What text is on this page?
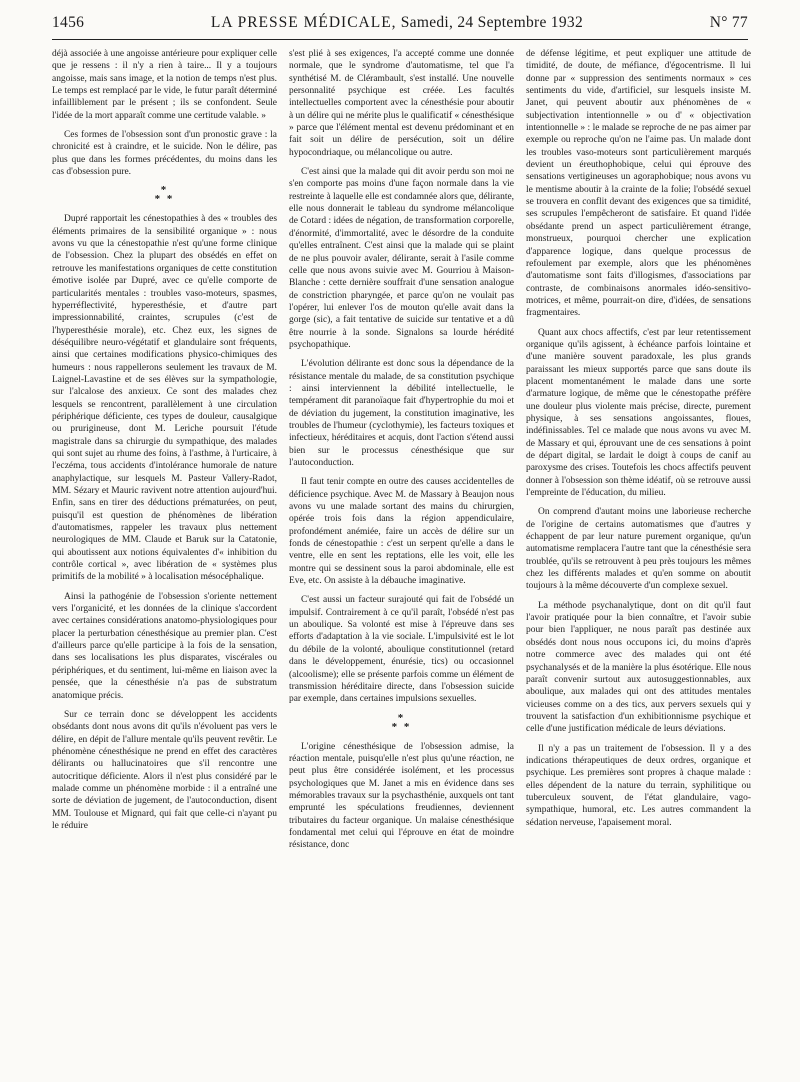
1456	LA PRESSE MÉDICALE, Samedi, 24 Septembre 1932	N° 77

déjà associée à une angoisse antérieure pour expliquer celle que je ressens : il n'y a rien à taire... Il y a toujours angoisse, mais sans image, et la notion de temps n'est plus. Le temps est remplacé par le vide, le futur paraît déterminé infailliblement par le présent ; ils se confondent. Seule l'idée de la mort apparaît comme une certitude valable. »

Ces formes de l'obsession sont d'un pronostic grave : la chronicité est à craindre, et le suicide. Non le délire, pas plus que dans les formes précédentes, du moins dans les cas d'obsession pure.

*
* *

Dupré rapportait les cénestopathies à des « troubles des éléments primaires de la sensibilité organique » : nous avons vu que la cénestopathie n'est qu'une forme clinique de l'obsession. Chez la plupart des obsédés en effet on retrouve les manifestations organiques de cette constitution émotive isolée par Dupré, avec ce qu'elle comporte de particularités mentales : troubles vaso-moteurs, spasmes, hyperréflectivité, hyperesthésie, et d'autre part impressionnabilité, craintes, scrupules (c'est de l'hyperesthésie morale), etc. Chez eux, les signes de déséquilibre neuro-végétatif et glandulaire sont fréquents, ainsi que certaines modifications physico-chimiques des humeurs : nous rappellerons seulement les travaux de M. Laignel-Lavastine et de ses élèves sur la sympathologie, sur l'alcalose des anxieux. Ce sont des malades chez lesquels se rencontrent, parallèlement à une circulation périphérique déficiente, ces types de douleur, causalgique ou prurigineuse, dont M. Leriche poursuit l'étude magistrale dans sa chirurgie du sympathique, des malades qui sont sujet au rhume des foins, à l'asthme, à l'urticaire, à l'eczéma, tous accidents d'intolérance humorale de nature anaphylactique, sur lesquels M. Pasteur Vallery-Radot, MM. Sézary et Mauric ravivent notre attention aujourd'hui. Enfin, sans en tirer des déductions prématurées, on peut, puisqu'il est question de phénomènes de libération d'automatismes, rappeler les travaux plus nettement neurologiques de MM. Claude et Baruk sur la Catatonie, qui aboutissent aux notions équivalentes d'« inhibition du contrôle cortical », avec libération de « systèmes plus primitifs de la mobilité » à localisation mésocéphalique.

Ainsi la pathogénie de l'obsession s'oriente nettement vers l'organicité, et les données de la clinique s'accordent avec certaines considérations anatomo-physiologiques pour placer la perturbation cénesthésique au premier plan. C'est d'ailleurs parce qu'elle participe à la fois de la sensation, dans ses localisations les plus disparates, viscérales ou périphériques, et du sentiment, lui-même en liaison avec la pensée, que la cénesthésie n'a pas de substratum anatomique précis.

Sur ce terrain donc se développent les accidents obsédants dont nous avons dit qu'ils n'évoluent pas vers le délire, en dépit de l'allure mentale qu'ils peuvent revêtir. Le phénomène cénesthésique ne prend en effet des caractères délirants ou hallucinatoires que s'il rencontre une autocritique déficiente. Alors il n'est plus considéré par le malade comme un phénomène morbide : il a entraîné une sorte de déviation de jugement, de l'autoconduction, disent MM. Toulouse et Mignard, qui fait que celle-ci n'ayant pu le réduire

s'est plié à ses exigences, l'a accepté comme une donnée normale, que le syndrome d'automatisme, tel que l'a synthétisé M. de Clérambault, s'est installé. Une nouvelle personnalité psychique est créée. Les facultés intellectuelles comportent avec la cénesthésie pour aboutir à un délire qui ne mérite plus le qualificatif « cénesthésique » parce que l'élément mental est devenu prédominant et en fait soit un délire de persécution, soit un délire hypocondriaque, ou mélancolique ou autre.

C'est ainsi que la malade qui dit avoir perdu son moi ne s'en comporte pas moins d'une façon normale dans la vie restreinte à laquelle elle est condamnée alors que, délirante, elle nous donnerait le tableau du syndrome mélancolique de Cotard : idées de négation, de transformation corporelle, d'énormité, d'immortalité, avec le désordre de la conduite qu'elles entraînent. C'est ainsi que la malade qui se plaint de ne plus pouvoir avaler, délirante, serait à l'asile comme celle que nous avons suivie avec M. Gourriou à Maison-Blanche : cette dernière souffrait d'une sensation analogue de constriction pharyngée, et parce qu'on ne voulait pas l'opérer, lui enlever l'os de mouton qu'elle avait dans la gorge (sic), a fait tentative de suicide sur tentative et a dû être nourrie à la sonde. Signalons sa lourde hérédité psychopathique.

L'évolution délirante est donc sous la dépendance de la résistance mentale du malade, de sa constitution psychique : ainsi interviennent la débilité intellectuelle, le tempérament dit paranoïaque fait d'hypertrophie du moi et de déviation du jugement, la constitution imaginative, les troubles de l'humeur (cyclothymie), les facteurs toxiques et infectieux, héréditaires et acquis, dont l'action s'étend aussi bien sur le processus cénesthésique que sur l'autoconduction.

Il faut tenir compte en outre des causes accidentelles de déficience psychique. Avec M. de Massary à Beaujon nous avons vu une malade sortant des mains du chirurgien, opérée trois fois dans la région appendiculaire, profondément anémiée, faire un accès de délire sur un fonds de cénestopathie : c'est un serpent qu'elle a dans le ventre, elle en sent les reptations, elle les voit, elle les montre qui se dessinent sous la paroi abdominale, elle est Eve, etc. On assiste à la débauche imaginative.

C'est aussi un facteur surajouté qui fait de l'obsédé un impulsif. Contrairement à ce qu'il paraît, l'obsédé n'est pas un aboulique. Sa volonté est mise à l'épreuve dans ses efforts d'adaptation à la vie sociale. L'impulsivité est le lot du débile de la volonté, aboulique constitutionnel (retard dans le développement, énurésie, tics) ou occasionnel (alcoolisme); elle se présente parfois comme un élément de transmission héréditaire directe, dans l'obsession suicide par exemple, dans certaines impulsions sexuelles.

*
* *

L'origine cénesthésique de l'obsession admise, la réaction mentale, puisqu'elle n'est plus qu'une réaction, ne peut plus être considérée isolément, et les processus psychologiques que M. Janet a mis en évidence dans ses mémorables travaux sur la psychasthénie, auxquels ont tant emprunté les spéculations freudiennes, deviennent tributaires du facteur organique. Un malaise cénesthésique fondamental met celui qui l'éprouve en état de moindre résistance, donc

de défense légitime, et peut expliquer une attitude de timidité, de doute, de méfiance, d'égocentrisme. Il lui donne par « suppression des sentiments normaux » ces sentiments du vide, d'artificiel, sur lesquels insiste M. Janet, qui peuvent aboutir aux phénomènes de « subjectivation intentionnelle » ou d' « objectivation intentionnelle » : le malade se reproche de ne pas aimer par exemple ou reproche qu'on ne l'aime pas. Un malade dont les troubles vaso-moteurs sont particulièrement marqués devient un éreuthophobique, celui qui éprouve des sensations vertigineuses un agoraphobique; nous avons vu le mentisme aboutir à la crainte de la folie; l'obsédé sexuel se trouvera en conflit devant des exigences que sa timidité, ses scrupules l'empêcheront de satisfaire. Et quand l'idée obsédante prend un aspect particulièrement étrange, monstrueux, pourquoi chercher une explication d'apparence logique, dans quelque processus de refoulement par exemple, alors que les phénomènes d'automatisme sont faits d'illogismes, d'associations par contraste, de combinaisons anormales idéo-sensitivo-motrices, et même, pourrait-on dire, d'idées, de sensations fragmentaires.

Quant aux chocs affectifs, c'est par leur retentissement organique qu'ils agissent, à échéance parfois lointaine et d'une manière souvent paradoxale, les plus grands paraissant les mieux supportés parce que sans doute ils placent momentanément le malade dans une sorte d'armature logique, de même que le cénestopathe préfère une douleur plus violente mais précise, directe, purement physique, à ses sensations angoissantes, floues, indéfinissables. Tel ce malade que nous avons vu avec M. de Massary et qui, éprouvant une de ces sensations à point de départ digital, se lardait le doigt à coups de canif au paroxysme des crises. Toutefois les chocs affectifs peuvent donner à l'obsession son thème idéatif, où se retrouve aussi l'empreinte de l'éducation, du milieu.

On comprend d'autant moins une laborieuse recherche de l'origine de certains automatismes que d'autres y échappent de par leur nature purement organique, qu'un automatisme remplacera l'autre tant que la cénesthésie sera troublée, qu'ils se retrouvent à peu près toujours les mêmes chez les différents malades et qu'en somme on aboutit toujours à la même découverte d'un complexe sexuel.

La méthode psychanalytique, dont on dit qu'il faut l'avoir pratiquée pour la bien connaître, et l'avoir subie pour bien l'appliquer, ne nous paraît pas destinée aux obsédés dont nous nous occupons ici, du moins d'après notre commerce avec des malades qui ont été psychanalysés et de la manière la plus ésotérique. Elle nous paraît convenir surtout aux autosuggestionnables, aux aboulique, aux malades qui ont des attitudes mentales vicieuses comme on a des tics, aux pervers sexuels qui y trouvent la satisfaction d'un exhibitionnisme psychique et celle d'une justification médicale de leurs déviations.

Il n'y a pas un traitement de l'obsession. Il y a des indications thérapeutiques de deux ordres, organique et psychique. Les premières sont propres à chaque malade : elles dépendent de la nature du terrain, syphilitique ou tuberculeux souvent, de l'état glandulaire, vago-sympathique, humoral, etc. Les autres commandent la sédation nerveuse, l'apaisement moral.
